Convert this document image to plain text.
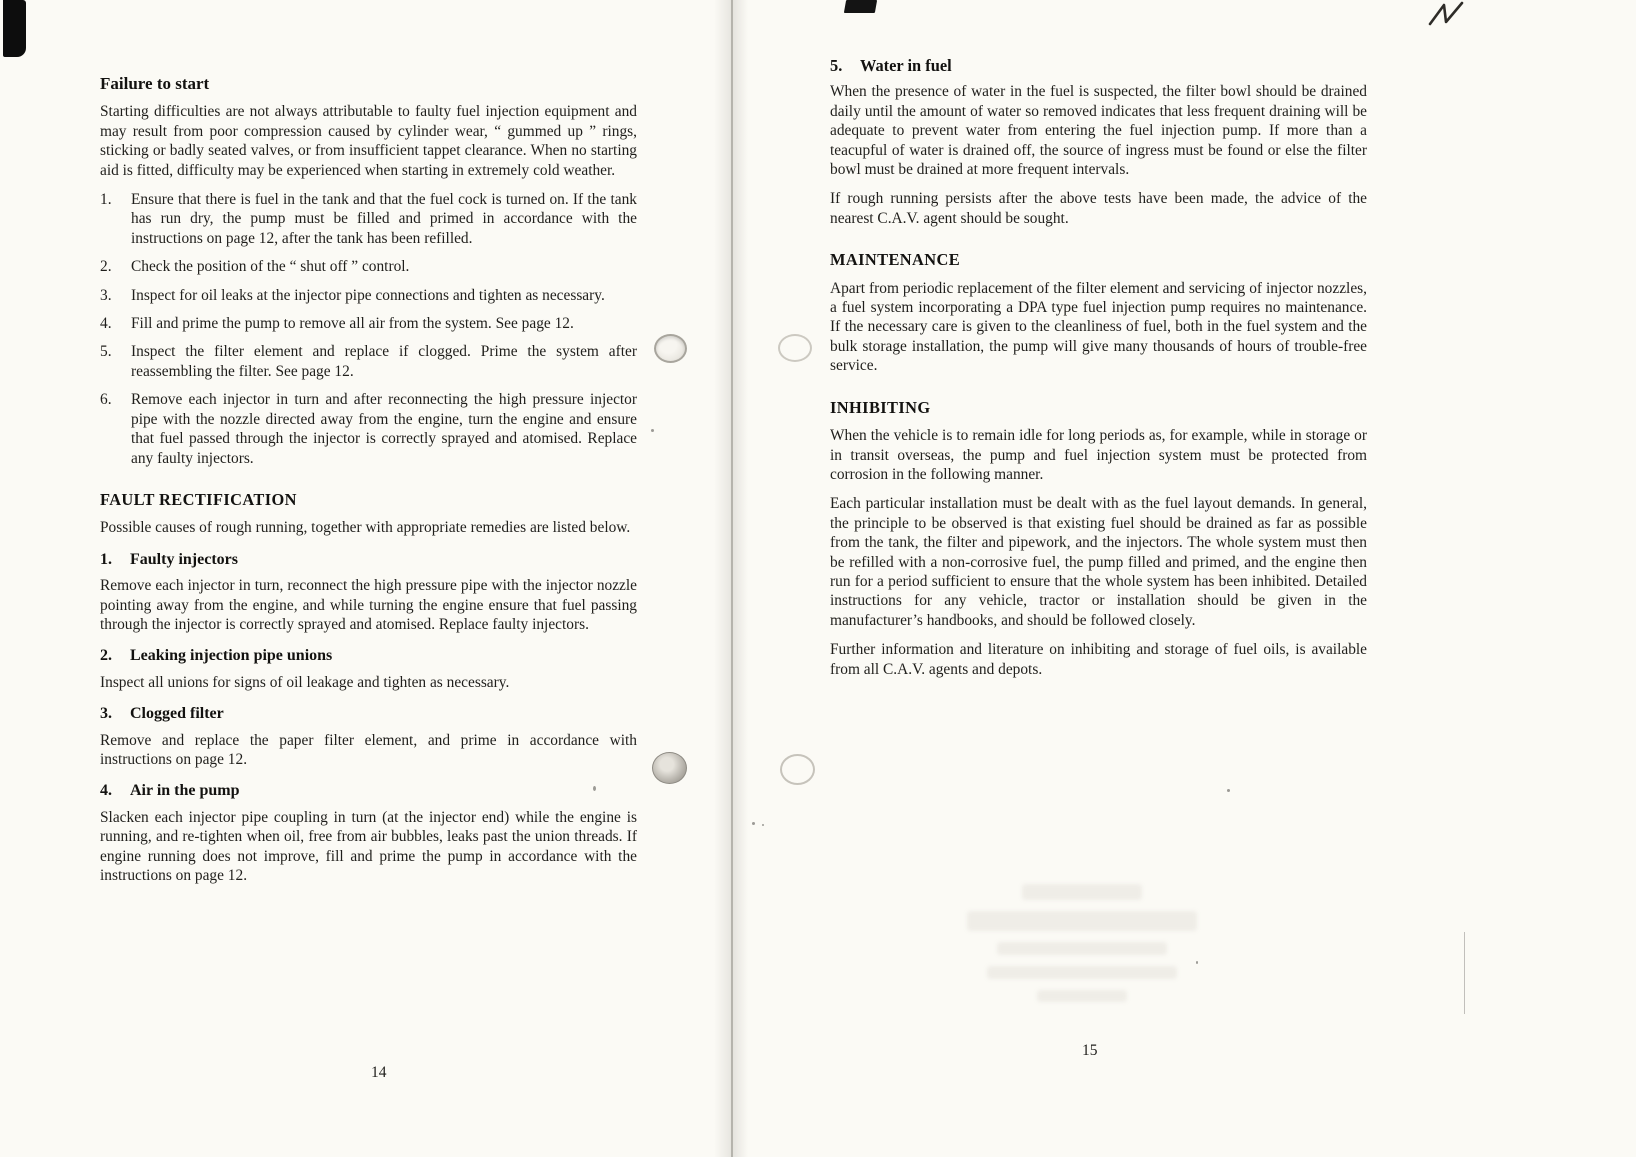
Failure to start

Starting difficulties are not always attributable to faulty fuel injection equipment and may result from poor compression caused by cylinder wear, “ gummed up ” rings, sticking or badly seated valves, or from insufficient tappet clearance. When no starting aid is fitted, difficulty may be experienced when starting in extremely cold weather.

1.	Ensure that there is fuel in the tank and that the fuel cock is turned on. If the tank has run dry, the pump must be filled and primed in accordance with the instructions on page 12, after the tank has been refilled.
2.	Check the position of the “ shut off ” control.
3.	Inspect for oil leaks at the injector pipe connections and tighten as necessary.
4.	Fill and prime the pump to remove all air from the system. See page 12.
5.	Inspect the filter element and replace if clogged. Prime the system after reassembling the filter. See page 12.
6.	Remove each injector in turn and after reconnecting the high pressure injector pipe with the nozzle directed away from the engine, turn the engine and ensure that fuel passed through the injector is correctly sprayed and atomised. Replace any faulty injectors.
FAULT RECTIFICATION

Possible causes of rough running, together with appropriate remedies are listed below.

1.	Faulty injectors

Remove each injector in turn, reconnect the high pressure pipe with the injector nozzle pointing away from the engine, and while turning the engine ensure that fuel passing through the injector is correctly sprayed and atomised. Replace faulty injectors.

2.	Leaking injection pipe unions

Inspect all unions for signs of oil leakage and tighten as necessary.

3.	Clogged filter

Remove and replace the paper filter element, and prime in accordance with instructions on page 12.

4.	Air in the pump

Slacken each injector pipe coupling in turn (at the injector end) while the engine is running, and re-tighten when oil, free from air bubbles, leaks past the union threads. If engine running does not improve, fill and prime the pump in accordance with the instructions on page 12.

5.	Water in fuel

When the presence of water in the fuel is suspected, the filter bowl should be drained daily until the amount of water so removed indicates that less frequent draining will be adequate to prevent water from entering the fuel injection pump. If more than a teacupful of water is drained off, the source of ingress must be found or else the filter bowl must be drained at more frequent intervals.

If rough running persists after the above tests have been made, the advice of the nearest C.A.V. agent should be sought.

MAINTENANCE

Apart from periodic replacement of the filter element and servicing of injector nozzles, a fuel system incorporating a DPA type fuel injection pump requires no maintenance. If the necessary care is given to the cleanliness of fuel, both in the fuel system and the bulk storage installation, the pump will give many thousands of hours of trouble-free service.

INHIBITING

When the vehicle is to remain idle for long periods as, for example, while in storage or in transit overseas, the pump and fuel injection system must be protected from corrosion in the following manner.

Each particular installation must be dealt with as the fuel layout demands. In general, the principle to be observed is that existing fuel should be drained as far as possible from the tank, the filter and pipework, and the injectors. The whole system must then be refilled with a non-corrosive fuel, the pump filled and primed, and the engine then run for a period sufficient to ensure that the whole system has been inhibited. Detailed instructions for any vehicle, tractor or installation should be given in the manufacturer’s handbooks, and should be followed closely.

Further information and literature on inhibiting and storage of fuel oils, is available from all C.A.V. agents and depots.

14
15
